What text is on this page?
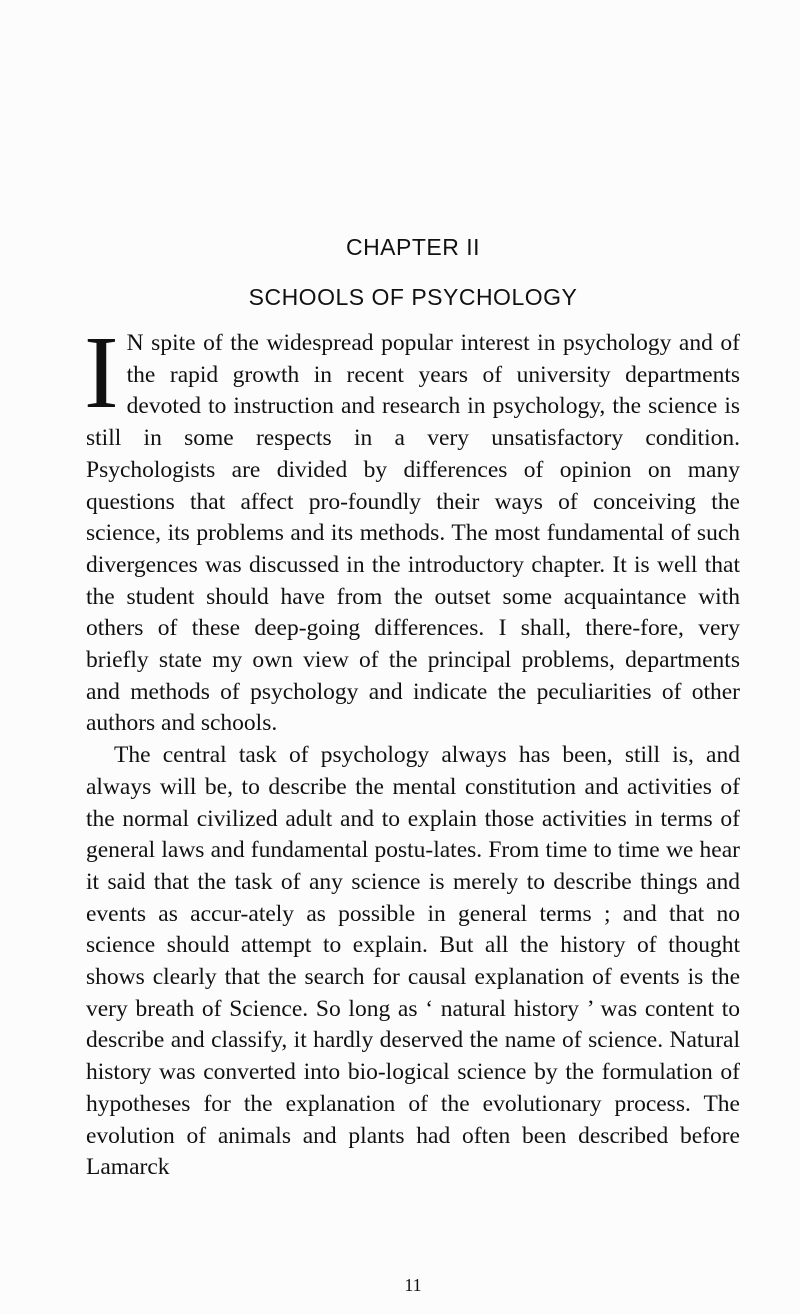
CHAPTER II
SCHOOLS OF PSYCHOLOGY

I N spite of the widespread popular interest in psychology and of the rapid growth in recent years of university departments devoted to instruction and research in psychology, the science is still in some respects in a very unsatisfactory condition. Psychologists are divided by differences of opinion on many questions that affect pro-foundly their ways of conceiving the science, its problems and its methods. The most fundamental of such divergences was discussed in the introductory chapter. It is well that the student should have from the outset some acquaintance with others of these deep-going differences. I shall, there-fore, very briefly state my own view of the principal problems, departments and methods of psychology and indicate the peculiarities of other authors and schools.

The central task of psychology always has been, still is, and always will be, to describe the mental constitution and activities of the normal civilized adult and to explain those activities in terms of general laws and fundamental postu-lates. From time to time we hear it said that the task of any science is merely to describe things and events as accur-ately as possible in general terms ; and that no science should attempt to explain. But all the history of thought shows clearly that the search for causal explanation of events is the very breath of Science. So long as ‘ natural history ’ was content to describe and classify, it hardly deserved the name of science. Natural history was converted into bio-logical science by the formulation of hypotheses for the explanation of the evolutionary process. The evolution of animals and plants had often been described before Lamarck

11
